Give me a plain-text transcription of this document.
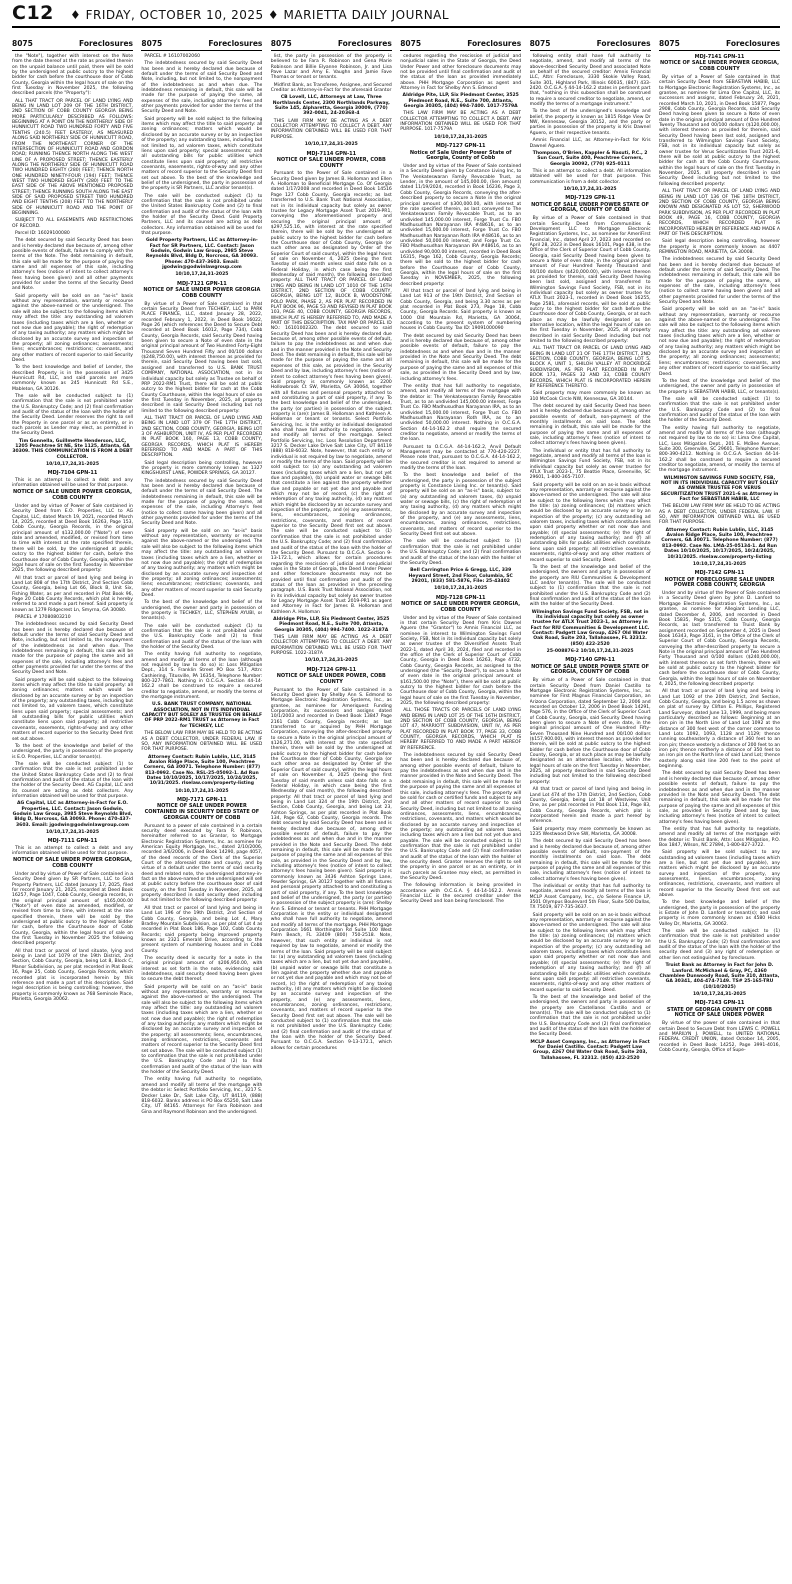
C12 ♦ FRIDAY, OCTOBER 10, 2025 ♦ MARIETTA DAILY JOURNAL
8075	Foreclosures

the "Note"), together with interest on the Note from the date thereof at the rate as provided therein on the unpaid balance until paid, there will be sold by the undersigned at public outcry to the highest bidder for cash before the courthouse door of Cobb County, Georgia within the legal hours of sale on the first Tuesday in November 2025, the following described parcels (the "Property"):

ALL THAT TRACT OR PARCEL OF LAND LYING AND BEING IN LAND LOT 209 OF THE 16TH DISTRICT, 2ND SECTION OF COBB COUNTY GEORGIA BEING MORE PARTICULARLY DESCRIBED AS FOLLOWS: BEGINNING AT A POINT ON THE NORTHERLY SIDE OF HUNNICUTT ROAD TWO HUNDRED FORTY AND FIVE TENTHS (240.5) FEET EASTERLY, AS MEASURED ALONG SAID NORTHERLY SIDE OF HUNNICUTT ROAD, FROM THE NORTHEAST CORNER OF THE INTERSECTION OF HUNNICUTT ROAD AND GORDON ROAD; RUNNING THENCE NORTH ALONG THE WEST LINE OF A PROPOSED STREET; THENCE EASTERLY ALONG THE NORTHERLY SIDE OF HUNNICUTT ROAD TWO HUNDRED EIGHTY (280) FEET; THENCE NORTH ONE HUNDRED NINETY-FOUR (194) FEET; THENCE WEST TWO HUNDRED EIGHTY (280) FEET TO THE EAST SIDE OF THE ABOVE MENTIONED PROPOSED STREET; THENCE RUNNING SOUTH ALONG THE EAST SIDE OF SAID PROPOSED STREET TWO HUNDRED AND EIGHT TENTHS (208) FEET TO THE NORTHERLY SIDE OF HUNNICUTT ROAD AND THE POINT OF BEGINNING.

SUBJECT TO ALL EASEMENTS AND RESTRICTIONS OF RECORD.

Parcel ID: 16029100080

The debt secured by said Security Deed has been and is hereby declared due because of, among other possible events of default, failure to comply with the terms of the Note. The debt remaining in default, this sale will be made for the purpose of paying the same and all expenses of this sale, including attorney's fees (notice of intent to collect attorney's fees having been given) and all other payments provided for under the terms of the Security Deed and Note.

Said property will be sold on an "as-is" basis without any representation, warranty or recourse against the above-named or the undersigned. The sale will also be subject to the following items which may affect the title: any outstanding ad valorem taxes (including taxes which are a lien, whether or not now due and payable); the right of redemption of any taxing authority; any matters which might be disclosed by an accurate survey and inspection of the property; all zoning ordinances; assessments; liens; encumbrances; restrictions; covenants, and any other matters of record superior to said Security Deed.

To the best knowledge and belief of Lender, the described Property is in the possession of 3425 Hunnicutt Rd, LLC, and said parcels are more commonly known as 245 Hunnicutt Rd S.E., Mableton, GA 30126.

The sale will be conducted subject to (1) confirmation that the sale is not prohibited under the U.S. Bankruptcy Code; and (2) final confirmation and audit of the status of the loan with the holder of the Security Deed. Lender reserves the right to sell the Property in one parcel or as an entirety, or in such parcels as Lender may elect, as permitted in the Security Deed.

Tim Gonnella, Guillmette Henderson, LLC, 1205 Peachtree St NE, Ste 1125, Atlanta, GA 30309. THIS COMMUNICATION IS FROM A DEBT COLLECTOR.

10/10,17,24,31-2025

MDJ-7104 GPN-11

This is an attempt to collect a debt and any information obtained will be used for that purpose.

NOTICE OF SALE UNDER POWER GEORGIA, COBB COUNTY

Under and by virtue of Power of Sale contained in Security Deed from E.O. Properties, LLC to AG Capital, LLC, dated March 19, 2021, recorded March 14, 2025, recorded at Deed Book 16263, Page 153, Cobb County, Georgia Records, in the original principal amount of $132,000.00 ("Note") of even date and amended, modified, or revised from time to time with interest at the rate specified therein, there will be sold, by the undersigned at public outcry to the highest bidder for cash, before the Courthouse door of Cobb County, Georgia, within the legal hours of sale on the first Tuesday in November 2025, the following described property:

All that tract or parcel of land lying and being in Land Lot 808 of the 17th District, 2nd Section Cobb County, Georgia, being Lot 66, Block B, Unit Six, Fishing Water, as per and recorded in Plat Book 96, Page 20 Cobb County Records, which plat is hereby referred to and made a part hereof. Said property is known as 1279 Ridgecrest Ln, Smyrna, GA 30080.

PARCEL # 17080803210

The indebtedness secured by said Security Deed has been and is hereby declared due because of default under the terms of said Security Deed and Note, including, but not limited to, the nonpayment of the indebtedness as and when due. The indebtedness remaining in default, this sale will be made for the purpose of paying the same and all expenses of the sale, including attorney's fees and other payments provided for under the terms of the Security Deed and Note.

Said property will be sold subject to the following items which may affect the title to said property: all zoning ordinances; matters which would be disclosed by an accurate survey or by an inspection of the property; any outstanding taxes, including but not limited to, ad valorem taxes, which constitute liens upon said property; special assessments; and all outstanding bills for public utilities which constitute liens upon said property; all restrictive covenants, easements, rights-of-way and any other matters of record superior to the Security Deed first set out above.

To the best of the knowledge and belief of the undersigned, the party in possession of the property is E.O. Properties, LLC and/or tenant(s).

The sale will be conducted subject (1) to confirmation that the sale is not prohibited under the United States Bankruptcy Code and (2) to final confirmation and audit of the status of the loan with the holder of the Security Deed. AG Capital, LLC and its counsel are acting as debt collectors. Any information obtained will be used for that purpose.

AG Capital, LLC as Attorney-in-Fact for E.O. Properties, LLC. Contact: Jason Godwin, Godwin Law Group, 3985 Steve Reynolds Blvd, Bldg D, Norcross, GA 30093. Phone: 470-437-3603. Email: jgodwin@godwinlawgroup.com

10/10,17,24,31-2025

MDJ-7111 GPN-11

This is an attempt to collect a debt and any information obtained will be used for that purpose.

NOTICE OF SALE UNDER POWER GEORGIA, COBB COUNTY

Under and by virtue of Power of Sale contained in a Security Deed given by SR Partners, LLC to Gold Property Partners, LLC dated January 17, 2025, filed for record January 21, 2025, recorded at Deed Book 16257, Page 1047, Cobb County, Georgia records, in the original principal amount of $165,000.00 ("Note") of even date as amended, modified, or revised from time to time, with interest at the rate specified therein, there will be sold by the undersigned at public outcry to the highest bidder for cash, before the Courthouse door of Cobb County, Georgia, within the legal hours of sale on the first Tuesday in November 2025 the following described property:

All that tract or parcel of land situate, lying and being in Land Lot 1079 of the 19th District, 2nd Section, Cobb County, Georgia, being Lot 8, Block C, Manor Subdivision, as per plat recorded in Plat Book 16, Page 25, Cobb County, Georgia Records, which recorded plat is incorporated herein by this reference and made a part of this description. Said legal description is being controlling; however, the property is commonly known as 768 Seminole Place, Marietta, Georgia 30062.

8075	Foreclosures

PARCEL # 16107002060

The indebtedness secured by said Security Deed has been and is hereby declared due because of default under the terms of said Security Deed and Note, including, but not limited to, the nonpayment of the indebtedness as and when due. The indebtedness remaining in default, this sale will be made for the purpose of paying the same, all expenses of the sale, including attorney's fees and other payments provided for under the terms of the Security Deed and Note.

Said property will be sold subject to the following items which may affect the title to said property: all zoning ordinances; matters which would be disclosed by an accurate survey or by an inspection of the property; any outstanding taxes, including but not limited to, ad valorem taxes, which constitute liens upon said property; special assessments; and all outstanding bills for public utilities which constitute liens upon said property; all restrictive covenants, easements, rights-of-way and any other matters of record superior to the Security Deed first set out above. To the best of the knowledge and belief of the undersigned, the party in possession of the property is SR Partners, LLC and/or tenant(s).

The sale will be conducted subject (1) to confirmation that the sale is not prohibited under the United States Bankruptcy Code and (2) to final confirmation and audit of the status of the loan with the holder of the Security Deed. Gold Property Partners, LLC and its counsel are acting as debt collectors. Any information obtained will be used for that purpose.

Gold Property Partners, LLC as Attorney-in-Fact for SR Partners, LLC. Contact: Jason Godwin, Godwin Law Group, 2985 Steve Reynolds Blvd, Bldg D, Norcross, GA 30093. Phone: 470-437-3603. Email: jgodwin@godwinlawgroup.com

10/10,17,24,31-2025

MDJ-7121 GPN-11

NOTICE OF SALE UNDER POWER GEORGIA COBB COUNTY

By virtue of a Power of Sale contained in that certain Security Deed from TECHKEY, LLC to PARK PLACE FINANCE, LLC, dated January 28, 2022, recorded February 1, 2022, in Deed Book 16022, Page 26 (which references the Deed to Secure Debt recorded at Deed Book 16012, Page 734), Cobb County, Georgia Records, said Security Deed having been given to secure a Note of even date in the original principal amount of Two Hundred Forty-Eight Thousand Seven Hundred Fifty and 00/100 dollars ($248,750.00), with interest thereon as provided for therein, said Security Deed having been last sold, assigned and transferred to U.S. BANK TRUST COMPANY, NATIONAL ASSOCIATION, not in its individual capacity but solely as Trustee on behalf of PRP 2022-RM1 Trust, there will be sold at public outcry to the highest bidder for cash at the Cobb County Courthouse, within the legal hours of sale on the first Tuesday in November, 2025, all property described in said Security Deed including but not limited to the following described property:

ALL THAT TRACT OR PARCEL OF LAND LYING AND BEING IN LAND LOT 379 OF THE 17TH DISTRICT, 2ND SECTION, COBB COUNTY, GEORGIA, BEING LOT 3 OF ASHBURTON, UNIT IV, AS PER PLAT RECORDED IN PLAT BOOK 160, PAGE 13, COBB COUNTY, GEORGIA RECORDS, WHICH PLAT IS HEREBY REFERRED TO AND MADE A PART OF THIS DESCRIPTION.

Said legal description being controlling, however the property is more commonly known as 1327 KINGSHURST LANE, POWDER SPRINGS, GA 30127.

The indebtedness secured by said Security Deed has been and is hereby declared due because of default under the terms of said Security Deed. The indebtedness remaining in default, this sale will be made for the purpose of paying the same, all expenses of the sale, including Attorney's fees (notice to collect same having been given) and all other payments provided for under the terms of the Security Deed and Note.

Said property will be sold on an "as-is" basis without any representation, warranty or recourse against the above-named or the undersigned. The sale will also be subject to the following items which may affect the title: any outstanding ad valorem taxes (including taxes which are a lien, whether or not now due and payable); the right of redemption of any taxing authority; any matters which might be disclosed by an accurate survey and inspection of the property; all zoning ordinances; assessments; liens; encumbrances; restrictions; covenants, and any other matters of record superior to said Security Deed.

To the best of the knowledge and belief of the undersigned, the owner and party in possession of the property is TECHKEY, LLC, STEPHEN AYUBI, or tenants(s).

The sale will be conducted subject (1) to confirmation that the sale is not prohibited under the U.S. Bankruptcy Code and (2) to final confirmation and audit of the status of the loan with the holder of the Security Deed.

The entity having full authority to negotiate, amend and modify all terms of the loan (although not required by law to do so) is: Loss Mitigation Dept., 314 S. Franklin Street PO Box 517, Attn: Cashiering, Titusville, PA 16354, Telephone Number: 800-327-7861. Nothing in O.C.G.A. Section 44-14-162.2 shall be construed to require a secured creditor to negotiate, amend, or modify the terms of the mortgage instrument.

U.S. BANK TRUST COMPANY, NATIONAL ASSOCIATION, NOT IN ITS INDIVIDUAL CAPACITY BUT SOLELY AS TRUSTEE ON BEHALF OF PRP 2022-RM1 TRUST as Attorney in Fact for TECHKEY, LLC

THE BELOW LAW FIRM MAY BE HELD TO BE ACTING AS A DEBT COLLECTOR, UNDER FEDERAL LAW. IF SO, ANY INFORMATION OBTAINED WILL BE USED FOR THAT PURPOSE.

Attorney Contact: Rubin Lublin, LLC, 3145 Avalon Ridge Place, Suite 100, Peachtree Corners, GA 30071. Telephone Number: (877) 813-0992. Case No. RSL-25-05092-1. Ad Run Dates 10/10/2025, 10/17/2025, 10/24/2025, 10/31/2025. rlselaw.com/property-listing

10:10,17,24,31-2025

MDJ-7171 GPN-11

NOTICE OF SALE UNDER POWER CONTAINED IN SECURITY DEED STATE OF GEORGIA COUNTY OF COBB

Pursuant to a power of sale contained in a certain security deed executed by Fara R. Robinson, hereinafter referred to as Grantor, to Mortgage Electronic Registration Systems, Inc. as nominee for American Equity Mortgage, Inc., dated 2/10/2006, recorded 3/6/2006, in Deed Book 14290, page 4057, of the deed records of the Clerk of the Superior Court of the aforesaid state and county, and by virtue of a default under the terms of said security deed and related note, the undersigned attorney-in-fact on the above-named or the undersigned will sell at public outcry before the courthouse door of said county, on the first Tuesday in November, 2025, all property described in said security deed including but not limited to the following described property:

All that tract or parcel of land lying and being in Land Lot 196 of the 19th District, 2nd Section of Cobb County, Georgia, and being Lot 4, Mary Bradley Mountain Subdivision, as per plat of Lot 4 as recorded in Plat Book 186, Page 102, Cobb County Records; said property being improved property known as 2321 Emerald Drive, according to the present system of numbering houses and in Cobb County.

The security deed is security for a note in the original principal amount of $206,950.00, with interest as set forth in the note, evidencing said indebtedness, said security deed having been given to secure the debt thereof.

Said property will be sold on an "as-is" basis without any representation, warranty or recourse against the above-named or the undersigned. The sale will also be subject to the following items which may affect the title: any outstanding ad valorem taxes (including taxes which are a lien, whether or not now due and payable); the right of redemption of any taxing authority; any matters which might be disclosed by an accurate survey and inspection of the property; all assessments; liens, encumbrances, zoning ordinances, restrictions, covenants and matters of record superior to the Security Deed first set out above. The sale will be conducted subject (1) to confirmation that the sale is not prohibited under the U.S. Bankruptcy Code and (2) to final confirmation and audit of the status of the loan with the holder of the Security Deed.

The entity having full authority to negotiate, amend and modify all terms of the mortgage with the debtor is: Select Portfolio Servicing, Inc., 3217 S. Decker Lake Dr., Salt Lake City, UT 84119, (888) 818-6032. Banks address is PO Box 65250, Salt Lake City, UT 84165. Attorneys for Fara Robinson and Gina and Raymond Robinson and the undersigned.

8075	Foreclosures

list, the party in possession of the property is believed to be Fara R. Robinson and Gena Marie Robinson and Billie Elyanne Robinson, Jr. and Lisa Pave Lazar and Amy E. Vaughn and Jamie Fave Thomas or tenant or tenants.

Midfirst Bank, as Transferee, Assignee, and Secured Creditor as Attorney-in-Fact for the aforesaid Grantor

CB Lovell, LLC, Attorneys at Law, Three Northlands Center, 2300 Northlands Parkway, Suite 145, Alpharetta, Georgia 30009, (770) 392-0041, 24-20368-4

THIS LAW FIRM MAY BE ACTING AS A DEBT COLLECTOR ATTEMPTING TO COLLECT A DEBT. ANY INFORMATION OBTAINED WILL BE USED FOR THAT PURPOSE.

10/10,17,24,31-2025

MDJ-7114 GPN-11

NOTICE OF SALE UNDER POWER, COBB COUNTY

Pursuant to the Power of Sale contained in a Security Deed given by James B. Holloman and Ellen A. Holloman to Beneficial Mortgage Co. Of Georgia dated 1/17/2008 and recorded in Deed Book 14516 Page 127 Cobb County, Georgia records; as last transferred to U.S. Bank Trust National Association, not in its individual capacity but solely as owner trustee for Legacy Mortgage Asset Trust 2019-PR1, conveying the aforementioned property and securing the original principal amount of $297,525.16, with interest at the rate specified therein, there will be sold by the undersigned at public outcry to the highest bidder for cash before the Courthouse door of Cobb County, Georgia (or such other area as designated by Order of the Superior Court of said county), within the legal hours of sale on November 4, 2025 (being the first Tuesday of said month unless said date falls on a Federal Holiday, in which case being the first Wednesday of said month), the following described property: ALL THAT TRACT OR PARCEL OF LAND LYING AND BEING IN LAND LOT 1010 OF THE 16TH DISTRICT, 2ND SECTION OF COBB COUNTY, GEORGIA, BEING LOT 12, BLOCK B, WOODSTONE POLO PARK, PHASE 2, AS PER PLAT RECORDED IN PLAT BOOK 96, PAGE 53 AND REVISED IN PLAT BOOK 103, PAGE 40, COBB COUNTY, GEORGIA RECORDS, WHICH PLAT IS HEREBY REFERRED TO, AND MADE A PART OF THIS DESCRIPTION. TAX MAP OR PARCEL ID NO.: 16101002320. The debt secured to said Security Deed has been and is hereby declared due because of, among other possible events of default, failure to pay the indebtedness as and when due and in the manner provided in the Note and Security Deed. The debt remaining in default, this sale will be made for the purpose of paying the same and all expenses of this sale, as provided in the Security Deed and by law, including attorney's fees (notice of intent to collect attorney's fees having been given). Said property is commonly known as 2200 Hollowbrook Ct SW, Marietta, GA 30064, together with all fixtures and personal property attached to and constituting a part of said property, if any. To the best knowledge and belief of the undersigned, the party (or parties) in possession of the subject property is (are): James B. Holloman and Kathleen A. Holloman or tenant or tenants. Select Portfolio Servicing, Inc. is the entity or individual designated who shall have full authority to negotiate, amend and modify all terms of the mortgage. Select Portfolio Servicing, Inc. Loss Resolution Department 3217 S. Decker Lake Drive Salt Lake City, UT 84119 (888) 818-6032. Note, however, that such entity or individual is not required by law to negotiate, amend or modify the terms of the loan. Said property will be sold subject to: (a) any outstanding ad valorem taxes (including taxes which are a lien, but not yet due and payable), (b) unpaid water or sewage bills that constitute a lien against the property whether due and payable or not yet due and payable and which may not be of record, (c) the right of redemption of any taxing authority, (d) any matters which might be disclosed by an accurate survey and inspection of the property, and (e) any assessments, liens, encumbrances, zoning ordinances, restrictions, covenants, and matters of record superior to the Security Deed first set out above. The sale will be conducted subject to (1) confirmation that the sale is not prohibited under the U.S. Bankruptcy Code; and (2) final confirmation and audit of the status of the loan with the holder of the Security Deed. Pursuant to O.C.G.A. Section 9-13-172.1, which allows for certain procedures regarding the rescission of judicial and nonjudicial sales in the State of Georgia, the Deed Under Power and other foreclosure documents may not be provided until final confirmation and audit of the status of the loan as provided in the preceding paragraph. U.S. Bank Trust National Association, not in its individual capacity but solely as owner trustee for Legacy Mortgage Asset Trust 2019-PR1 as agent and Attorney in Fact for James B. Holloman and Kathleen A. Holloman

Aldridge Pite, LLP, Six Piedmont Center, 3525 Piedmont Road, N.E., Suite 700, Atlanta, Georgia 30305, (404) 994-7400. 1022-3187A

THIS LAW FIRM MAY BE ACTING AS A DEBT COLLECTOR ATTEMPTING TO COLLECT A DEBT. ANY INFORMATION OBTAINED WILL BE USED FOR THAT PURPOSE. 1022-3187A

10/10,17,24,31-2025

MDJ-7124 GPN-11

NOTICE OF SALE UNDER POWER, COBB COUNTY

Pursuant to the Power of Sale contained in a Security Deed given by Shelby Ann S. Edmond to Mortgage Electronic Registration Systems, Inc., as grantee, as nominee for Ameriquest Funding Corporation, its successors and assigns dated 10/1/2003 and recorded in Deed Book 13847 Page 2161 Cobb County, Georgia records; as last transferred to or acquired by PHH Mortgage Corporation, conveying the after-described property to secure a Note in the original principal amount of $126,271.00, with interest at the rate specified therein, there will be sold by the undersigned at public outcry to the highest bidder for cash before the Courthouse door of Cobb County, Georgia (or such other area as designated by Order of the Superior Court of said county), within the legal hours of sale on November 4, 2025 (being the first Tuesday of said month unless said date falls on a Federal Holiday, in which case being the first Wednesday of said month), the following described property: All that tract or parcel of land lying and being in Land Lot 324 of the 19th District, 2nd Section, Cobb County, Georgia, and being Lot 23, Ashton Springs, as per plat recorded in Plat Book 134, Page 62, Cobb County, Georgia records. The debt secured by said Security Deed has been and is hereby declared due because of, among other possible events of default, failure to pay the indebtedness as and when due and in the manner provided in the Note and Security Deed. The debt remaining in default, this sale will be made for the purpose of paying the same and all expenses of this sale, as provided in the Security Deed and by law, including attorney's fees (notice of intent to collect attorney's fees having been given). Said property is commonly known as 3436 Ashton Springs Lane, Powder Springs, GA 30127 together with all fixtures and personal property attached to and constituting a part of said property, if any. To the best knowledge and belief of the undersigned, the party (or parties) in possession of the subject property is (are): Shelby Ann S. Edmond or tenant or tenants. PHH Mortgage Corporation is the entity or individual designated who shall have full authority to negotiate, amend and modify all terms of the mortgage. PHH Mortgage Corporation 1661 Worthington Rd Suite 100 West Palm Beach, FL 33409 (800) 750-2518. Note, however, that such entity or individual is not required by law to negotiate, amend or modify the terms of the loan. Said property will be sold subject to: (a) any outstanding ad valorem taxes (including taxes which are a lien, but not yet due and payable), (b) unpaid water or sewage bills that constitute a lien against the property whether due and payable or not yet due and payable and which may not be of record, (c) the right of redemption of any taxing authority, (d) any matters which might be disclosed by an accurate survey and inspection of the property, and (e) any assessments, liens, encumbrances, zoning ordinances, restrictions, covenants, and matters of record superior to the Security Deed first set out above. The sale will be conducted subject to (1) confirmation that the sale is not prohibited under the U.S. Bankruptcy Code; and (2) final confirmation and audit of the status of the loan with the holder of the Security Deed. Pursuant to O.C.G.A. Section 9-13-172.1, which allows for certain procedures

8075	Foreclosures

cedures regarding the rescission of judicial and nonjudicial sales in the State of Georgia, the Deed Under Power and other foreclosure documents may not be provided until final confirmation and audit of the status of the loan as provided immediately above. PHH Mortgage Corporation as agent and Attorney in Fact for Shelby Ann S. Edmond

Aldridge Pite, LLP, Six Piedmont Center, 3525 Piedmont Road, N.E., Suite 700, Atlanta, Georgia 30305, (404) 994-7400. 1017-7579A

THIS LAW FIRM MAY BE ACTING AS A DEBT COLLECTOR ATTEMPTING TO COLLECT A DEBT. ANY INFORMATION OBTAINED WILL BE USED FOR THAT PURPOSE. 1017-7579A

10/10,17,24,31-2025

MDJ-7127 GPN-11

Notice of Sale Under Power State of Georgia, County of Cobb

Under and by virtue of the Power of Sale contained in a Security Deed given by Constance Living Inc, to The Venkateswaran Family Revocable Trust, as Lender, in the amount of 145,000.00, (lien amount) dated 11/19/2024, recorded in Book 16236, Page 3, Cobb County, Georgia Records, conveying the after-described property to secure a Note in the original principal amount of $300,000.00, with interest at the rate specified therein, as last conveyed to The Venkateswaran Family Revocable Trust, as to an undivided 145,000.00 interest, Forge Trust Co. FBO Madhusudhan Narayanan IRA #48616, as to an undivided 15,000.00 interest, Forge Trust Co. FBO Madhusudhan Narayanan Roth IRA #48616, as to an undivided 50,000.00 interest, and Forge Trust Co. FBO Madhusudhan Narayanan IRA #48616, as to an undivided 90,000.00 interest, recorded in Deed Book 16315, Page 162, Cobb County, Georgia Records; there will be sold to the highest bidder for cash before the Courthouse door of Cobb County, Georgia, within the legal hours of sale on the first Tuesday in NOVEMBER, 2025, the following described property:

All that tract or parcel of land lying and being in Land Lot 913 of the 19th District, 2nd Section of Cobb County, Georgia, and being 3.30 acres as per plat recorded in Plat Book 273, Page 18, Cobb County, Georgia Records. Said property is known as 1000 Old Mountain Rd, Marietta, GA 30064, according to the present system of numbering houses in Cobb County. Tax ID: 19091000090

The debt secured by said Security Deed has been and is hereby declared due because of, among other possible events of default, failure to pay the indebtedness as and when due and in the manner provided in the Note and Security Deed. The debt remaining in default, this sale will be made for the purpose of paying the same and all expenses of this sale, as provided in the Security Deed and by law, including attorney's fees.

The entity that has full authority to negotiate, amend, and modify all terms of the mortgage with the debtor is: The Venkateswaran Family Revocable Trust, as to an undivided 145,000.00 interest, Forge Trust Co. FBO Madhusudhan Narayanan IRA, as to an undivided 15,000.00 interest, Forge Trust Co. FBO Madhusudhan Narayanan Roth IRA, as to an undivided 50,000.00 interest. Nothing in O.C.G.A. Section 44-14-162.2 shall require the secured creditor to negotiate, amend or modify the terms of the loan.

Pursuant to O.C.G.A. 44-14-162.2, Anvil Default Management may be contacted at 770-420-2227. Please note that, pursuant to O.C.G.A. 44-14-162.2, the secured creditor is not required to amend or modify the terms of the loan.

To the best knowledge and belief of the undersigned, the party in possession of the subject property is Constance Living Inc. or tenant(s). Said property will be sold on an "as-is" basis, subject to: (a) any outstanding ad valorem taxes, (b) unpaid water or sewage bills, (c) the right of redemption of any taxing authority, (d) any matters which might be disclosed by an accurate survey and inspection of the property, and (e) any assessments, liens, encumbrances, zoning ordinances, restrictions, covenants, and matters of record superior to the Security Deed first set out above.

The sale will be conducted subject to (1) confirmation that the sale is not prohibited under the U.S. Bankruptcy Code; and (2) final confirmation and audit of the status of the loan with the holder of the Security Deed.

Bell Carrington Price & Gregg, LLC, 339 Heyward Street, 2nd Floor, Columbia, SC 29201, (833) 581-5876, File: 25-43402

10/10,17,24,31-2025

MDJ-7128 GPN-11

NOTICE OF SALE UNDER POWER GEORGIA, COBB COUNTY

Under and by virtue of the Power of Sale contained in that certain Security Deed from Kris Dawnel Aguero (the "Grantor") to Amnis Financial LLC, as nominee in interest to Wilmington Savings Fund Society, FSB, Not in its individual capacity but solely as owner trustee of the Diversified Assets Trust 2022-1, dated April 30, 2024, filed and recorded in the office of the Clerk of Superior Court of Cobb County, Georgia in Deed Book 16263, Page 4732, Cobb County, Georgia Records, as assigned to the undersigned (the "Security Deed"), to secure a Note of even date in the original principal amount of $161,500.00 (the "Note"), there will be sold at public outcry to the highest bidder for cash before the Courthouse door of Cobb County, Georgia, within the legal hours of sale on the first Tuesday in November, 2025, the following described property:

ALL THOSE TRACTS OR PARCELS OF LAND LYING AND BEING IN LAND LOT 25 OF THE 16TH DISTRICT, 2ND SECTION OF COBB COUNTY, GEORGIA, BEING LOT 47, MARRIOTT SUBDIVISION, UNIT IV, AS PER PLAT RECORDED IN PLAT BOOK 77, PAGE 33, COBB COUNTY, GEORGIA RECORDS, WHICH PLAT IS HEREBY REFERRED TO AND MADE A PART HEREOF BY REFERENCE.

The indebtedness secured by said Security Deed has been and is hereby declared due because of, among other possible events of default, failure to pay the indebtedness as and when due and in the manner provided in the Note and Security Deed. The debt remaining in default, this sale will be made for the purpose of paying the same and all expenses of this sale, including attorney's fees. The property will be sold for cash or certified funds and subject to any and all other matters of record superior to said Security Deed, including but not limited to all zoning ordinances, assessments, liens, encumbrances, restrictions, covenants, and matters which would be disclosed by an accurate survey and inspection of the property; any outstanding ad valorem taxes, including taxes which are a lien but not yet due and payable. The sale will be conducted subject to (1) confirmation that the sale is not prohibited under the U.S. Bankruptcy Code and (2) final confirmation and audit of the status of the loan with the holder of the security deed. Grantor reserves the right to sell the property in one parcel or as an entirety, or in such parcels as Grantee may elect, as permitted in the Security Deed.

The following information is being provided in accordance with O.C.G.A. § 44-14-162.2. Amnis Financial LLC is the secured creditor under the Security Deed and loan being foreclosed. The

8075	Foreclosures

following entity shall have full authority to negotiate, amend, and modify all terms of the above-described Security Deed and associated Note on behalf of the secured creditor: Amnis Financial LLC, Attn: Foreclosure, 3330 Skokie Valley Road, Suite 301, Highland Park, Illinois 60035, (847) 433-2420. O.C.G.A. § 44-14-162.2 states in pertinent part that, "nothing in this subsection shall be construed to require a secured creditor to negotiate, amend, or modify the terms of a mortgage instrument."

To the best of the undersigned's knowledge and belief, the property is known as 1815 Ridge View Dr NW, Kennesaw, Georgia 30152, and the party or parties in possession of the property is Kris Dawnel Aguero, or their respective tenants.

Amnis Financial LLC, as Attorney-in-Fact for Kris Dawnel Aguero.

Thompson, O'Brien, Kappler & Nasuti, P.C., 2 Sun Court, Suite 400, Peachtree Corners, Georgia 30092, (770) 925-0111

This is an attempt to collect a debt. All information obtained will be used for that purpose. This communication is from a debt collector.

10/10,17,24,31-2025

MDJ-7129 GPN-11

NOTICE OF SALE UNDER POWER STATE OF GEORGIA, COUNTY OF COBB

By virtue of a Power of Sale contained in that certain Security Deed from Communities & Development LLC to Mortgage Electronic Registration Systems, Inc., as nominee for AmeriFirst Financial, Inc., dated April 27, 2023 and recorded on April 28, 2023 in Deed Book 16101, Page 438, in the Office of the Clerk of Superior Court of Cobb County, Georgia, said Security Deed having been given to secure a Note of even date, in the original principal amount of Four Hundred Twenty Thousand and 00/100 dollars ($420,000.00), with interest thereon as provided for therein, said Security Deed having been last sold, assigned and transferred to Wilmington Savings Fund Society, FSB, not in its individual capacity but solely as owner trustee for ATLX Trust 2023-1, recorded in Deed Book 16255, Page 2581, aforesaid records, will be sold at public outcry to the highest bidder for cash before the Courthouse door of Cobb County, Georgia, or at such place as may be lawfully designated as an alternative location, within the legal hours of sale on the first Tuesday in November, 2025, all property described in said Security Deed including but not limited to the following described property:

ALL THAT TRACT OR PARCEL OF LAND LYING AND BEING IN LAND LOT 21 OF THE 17TH DISTRICT, 2ND SECTION, COBB COUNTY, GEORGIA, BEING LOT 5, BLOCK A, UNIT 1, SHILOH VALLEY AT ROCKRIDGE SUBDIVISION, AS PER PLAT RECORDED IN PLAT BOOK 173, PAGES 32 AND 33, COBB COUNTY RECORDS, WHICH PLAT IS INCORPORATED HEREIN BY REFERENCE THERETO.

Said property may more commonly be known as 310 McCook Circle NW, Kennesaw, GA 30144.

The debt secured by said Security Deed has been and is hereby declared due because of, among other possible events of default, non-payment of the monthly installments on said loan. The debt remaining in default, this sale will be made for the purpose of paying the same and all expenses of sale, including attorney's fees (notice of intent to collect attorney's fees having been given).

The individual or entity that has full authority to negotiate, amend and modify all terms of the loan is Wilmington Savings Fund Society, FSB, not in its individual capacity but solely as owner trustee for ATLX Trust 2023-1, 75 Beattie Place, Greenville, SC 29601, 1-800-365-7107.

Said property will be sold on an as-is basis without any representation, warranty or recourse against the above-named or the undersigned. The sale will also be subject to the following items which may affect the title: (a) zoning ordinances; (b) matters which would be disclosed by an accurate survey or by an inspection of the property; (c) any outstanding ad valorem taxes, including taxes which constitute liens upon said property whether or not now due and payable; (d) special assessments; (e) the right of redemption of any taxing authority; and (f) all outstanding bills for public utilities which constitute liens upon said property; all restrictive covenants, easements, rights-of-way and any other matters of record superior to said Security Deed.

To the best of the knowledge and belief of the undersigned, the owners and party in possession of the property are RIU Communities & Development LLC and/or tenant(s). The sale will be conducted subject to (1) confirmation that the sale is not prohibited under the U.S. Bankruptcy Code and (2) final confirmation and audit of the status of the loan with the holder of the Security Deed.

Wilmington Savings Fund Society, FSB, not in its individual capacity but solely as owner trustee for ATLX Trust 2023-1, as Attorney in Fact for RIU Communities & Development LLC. Contact: Padgett Law Group, 4267 Old Water Oak Road, Suite 203, Tallahassee, FL 32312. (850) 422-2520

25-008876-2 10/10,17,24,31-2025

MDJ-7140 GPN-11

NOTICE OF SALE UNDER POWER STATE OF GEORGIA, COUNTY OF COBB

By virtue of a Power of Sale contained in that certain Security Deed from Daniel Castillo to Mortgage Electronic Registration Systems, Inc., as nominee for First Magnus Financial Corporation, an Arizona Corporation, dated September 12, 2006 and recorded on October 12, 2006 in Deed Book 14291, Page 576, in the Office of the Clerk of Superior Court of Cobb County, Georgia, said Security Deed having been given to secure a Note of even date, in the original principal amount of One Hundred Fifty-Seven Thousand Nine Hundred and 00/100 dollars ($157,900.00), with interest thereon as provided for therein, will be sold at public outcry to the highest bidder for cash before the Courthouse door of Cobb County, Georgia, or at such place as may be lawfully designated as an alternative location, within the legal hours of sale on the first Tuesday in November, 2025, all property described in said Security Deed including but not limited to the following described property:

All that tract or parcel of land lying and being in Land Lot 474 of the 17th District, 2nd Section, Cobb County, Georgia, being Lot 18 of Westview, Unit One, as per plat recorded in Plat Book 114, Page 83, Cobb County, Georgia Records, which plat is incorporated herein and made a part hereof by reference.

Said property may more commonly be known as 1235 Westwood Drive SW, Marietta, GA 30008.

The debt secured by said Security Deed has been and is hereby declared due because of, among other possible events of default, non-payment of the monthly installments on said loan. The debt remaining in default, this sale will be made for the purpose of paying the same and all expenses of this sale, including attorney's fees (notice of intent to collect attorney's fees having been given).

The individual or entity that has full authority to negotiate, amend and modify all terms of the loan is MCLP Asset Company, Inc., c/o Selene Finance LP, 3501 Olympus Boulevard 5th Floor, Suite 500 Dallas, TX 75019, 877-735-3637.

Said property will be sold on an as-is basis without any representation, warranty or recourse against the above-named or the undersigned. The sale will also be subject to the following items which may affect the title: (a) zoning ordinances; (b) matters which would be disclosed by an accurate survey or by an inspection of the property; (c) any outstanding ad valorem taxes, including taxes which constitute liens upon said property whether or not now due and payable; (d) special assessments; (e) the right of redemption of any taxing authority; and (f) all outstanding bills for public utilities which constitute liens upon said property; all restrictive covenants, easements, rights-of-way and any other matters of record superior to said Security Deed.

To the best of the knowledge and belief of the undersigned, the owners and party in possession of the property are Castellanos Castillo and or tenant(s). The sale will be conducted subject to (1) confirmation that the sale is not prohibited under the U.S. Bankruptcy Code and (2) final confirmation and audit of the status of the loan with the holder of the Security Deed.

MCLP Asset Company, Inc., as Attorney in Fact for Daniel Castillo. Contact: Padgett Law Group, 4267 Old Water Oak Road, Suite 203, Tallahassee, FL 32312. (850) 422-2520

8075	Foreclosures

MDJ-7141 GPN-11

NOTICE OF SALE UNDER POWER GEORGIA, COBB COUNTY

By virtue of a Power of Sale contained in that certain Security Deed from SEBASTIAN HABIB, LLC to Mortgage Electronic Registration Systems, Inc., as grantee, as nominee for Lima One Capital, LLC, its successors and assigns, dated February 24, 2021, recorded March 10, 2021, in Deed Book 15877, Page 2908, Cobb County, Georgia Records, said Security Deed having been given to secure a Note of even date in the original principal amount of One Hundred Twenty Thousand and 00/100 dollars ($120,000.00), with interest thereon as provided for therein, said Security Deed having been last sold, assigned and transferred to Wilmington Savings Fund Society, FSB, not in its individual capacity but solely as owner trustee for Verus Securitization Trust 2021-6, there will be sold at public outcry to the highest bidder for cash at the Cobb County Courthouse, within the legal hours of sale on the first Tuesday in November, 2025, all property described in said Security Deed including but not limited to the following described property:

ALL THAT TRACT OR PARCEL OF LAND LYING AND BEING IN LAND LOT 136 OF THE 18TH DISTRICT, 2ND SECTION OF COBB COUNTY, GEORGIA BEING KNOWN AND DESIGNATED AS LOT 52, SHERWOOD PARK SUBDIVISION, AS PER PLAT RECORDED IN PLAT BOOK 49, PAGE 16, COBB COUNTY, GEORGIA RECORDS, WHICH RECORDED PLAT IS INCORPORATED HEREIN BY REFERENCE AND MADE A PART OF THIS DESCRIPTION.

Said legal description being controlling, however the property is more commonly known as 4407 REMINGTON ROAD, MARIETTA, GA 30008.

The indebtedness secured by said Security Deed has been and is hereby declared due because of default under the terms of said Security Deed. The indebtedness remaining in default, this sale will be made for the purpose of paying the same, all expenses of the sale, including attorney's fees (notice to collect same having been given) and all other payments provided for under the terms of the Security Deed and Note.

Said property will be sold on an "as-is" basis without any representation, warranty or recourse against the above-named or the undersigned. The sale will also be subject to the following items which may affect the title: any outstanding ad valorem taxes (including taxes which are a lien, whether or not now due and payable); the right of redemption of any taxing authority; any matters which might be disclosed by an accurate survey and inspection of the property; all zoning ordinances; assessments; liens; encumbrances; restrictions; covenants, and any other matters of record superior to said Security Deed.

To the best of the knowledge and belief of the undersigned, the owner and party in possession of the property is SEBASTIAN HABIB, LLC, or tenants(s).

The sale will be conducted subject (1) to confirmation that the sale is not prohibited under the U.S. Bankruptcy Code and (2) to final confirmation and audit of the status of the loan with the holder of the Security Deed.

The entity having full authority to negotiate, amend and modify all terms of the loan (although not required by law to do so) is: Lima One Capital, LLC, Loss Mitigation Dept., 201 E. McBee Avenue, Suite 300, Greenville, SC 29601, Telephone Number: 800-390-4212. Nothing in O.C.G.A. Section 44-14-162.2 shall be construed to require a secured creditor to negotiate, amend, or modify the terms of the mortgage instrument.

WILMINGTON SAVINGS FUND SOCIETY, FSB, NOT IN ITS INDIVIDUAL CAPACITY BUT SOLELY AS OWNER TRUSTEE FOR VERUS SECURITIZATION TRUST 2021-6 as Attorney in Fact for SEBASTIAN HABIB, LLC

THE BELOW LAW FIRM MAY BE HELD TO BE ACTING AS A DEBT COLLECTOR, UNDER FEDERAL LAW. IF SO, ANY INFORMATION OBTAINED WILL BE USED FOR THAT PURPOSE.

Attorney Contact: Rubin Lublin, LLC, 3145 Avalon Ridge Place, Suite 100, Peachtree Corners, GA 30071. Telephone Number: (877) 813-0992. Case No. LMA-25-05134-1. Ad Run Dates 10/10/2025, 10/17/2025, 10/24/2025, 10/31/2025. rlselaw.com/property-listing

10:10,17,24,31-2025

MDJ-7142 GPN-11

NOTICE OF FORECLOSURE SALE UNDER POWER COBB COUNTY, GEORGIA

Under and by virtue of the Power of Sale contained in a Security Deed given by John D. Lanford to Mortgage Electronic Registration Systems, Inc., as grantee, as nominee for Allegiant Lending LLC, dated December 4, 2006, and recorded in Deed Book 15835, Page 5315, Cobb County, Georgia Records, as last transferred to Truist Bank by assignment recorded on September 4, 2025 in Deed Book 16343, Page 3161, in the Office of the Clerk of Superior Court of Cobb County, Georgia Records, conveying the after-described property to secure a Note in the original principal amount of Two Hundred Forty Thousand and 0/100 dollars ($240,000.00), with interest thereon as set forth therein, there will be sold at public outcry to the highest bidder for cash before the courthouse door of Cobb County, Georgia, within the legal hours of sale on November 4, 2025, the following described property:

All that tract or parcel of land lying and being in Land Lot 1092 of the 20th District, 2nd Section, Cobb County, Georgia, and being 1.5 acres as shown on plat of survey by Clifton E. Phillips, Registered Land Surveyor, dated June 13, 1999, and being more particularly described as follows: Beginning at an iron pin in the North Line of Land Lot 1092 at the distance of 300 feet west of the corner common to Land Lots 1092, 1093, 1128 and 1129; thence running southeasterly a distance of 360 feet to an iron pin; thence westerly a distance of 200 feet to an iron pin; thence northerly a distance of 350 feet to an iron pin on the North line of said Land Lot; thence easterly along said line 200 feet to the point of beginning.

The debt secured by said Security Deed has been and is hereby declared due because of, among other possible events of default, failure to pay the indebtedness as and when due and in the manner provided in the Note and Security Deed. The debt remaining in default, this sale will be made for the purpose of paying the same and all expenses of this sale, as provided in Security Deed and by law, including attorney's fees (notice of intent to collect attorney's fees having been given).

The entity that has full authority to negotiate, amend and modify all terms of the mortgage with the debtor is: Truist Bank, Attn: Loss Mitigation, P.O. Box 1847, Wilson, NC 27894, 1-800-827-3722.

Said property will be sold subject to any outstanding ad valorem taxes (including taxes which are a lien, but not yet due and payable), any matters which might be disclosed by an accurate survey and inspection of the property, any assessments, liens, encumbrances, zoning ordinances, restrictions, covenants, and matters of record superior to the Security Deed first set out above.

To the best knowledge and belief of the undersigned, the party in possession of the property is Estate of John D. Lanford or tenant(s); and said property is more commonly known as 4580 Hicks Valley Dr, Marietta, GA 30062.

The sale will be conducted subject to (1) confirmation that the sale is not prohibited under the U.S. Bankruptcy Code; (2) final confirmation and audit of the status of the loan with the holder of the security deed and (3) any right of redemption or other lien not extinguished by foreclosure.

Truist Bank as Attorney in Fact for John D. Lanford. McMichael & Gray, PC, 4360 Chamblee Dunwoody Road, Suite 310, Atlanta, GA 30341, 404-474-7149. TS# 25-165-TRU (10/10/2025)

10/10,17,24,31-2025

MDJ-7143 GPN-11

STATE OF GEORGIA COUNTY OF COBB NOTICE OF SALE UNDER POWER

By virtue of the power of sale contained in that certain Deed to Secure Debt from LEWIS C. POWELL and MARILYN J. POWELL, to UNITED NATIONAL FEDERAL CREDIT UNION, dated October 14, 2005, recorded in Deed Book 14252, Page 3991-4016, Cobb County, Georgia, Office of Supe-
